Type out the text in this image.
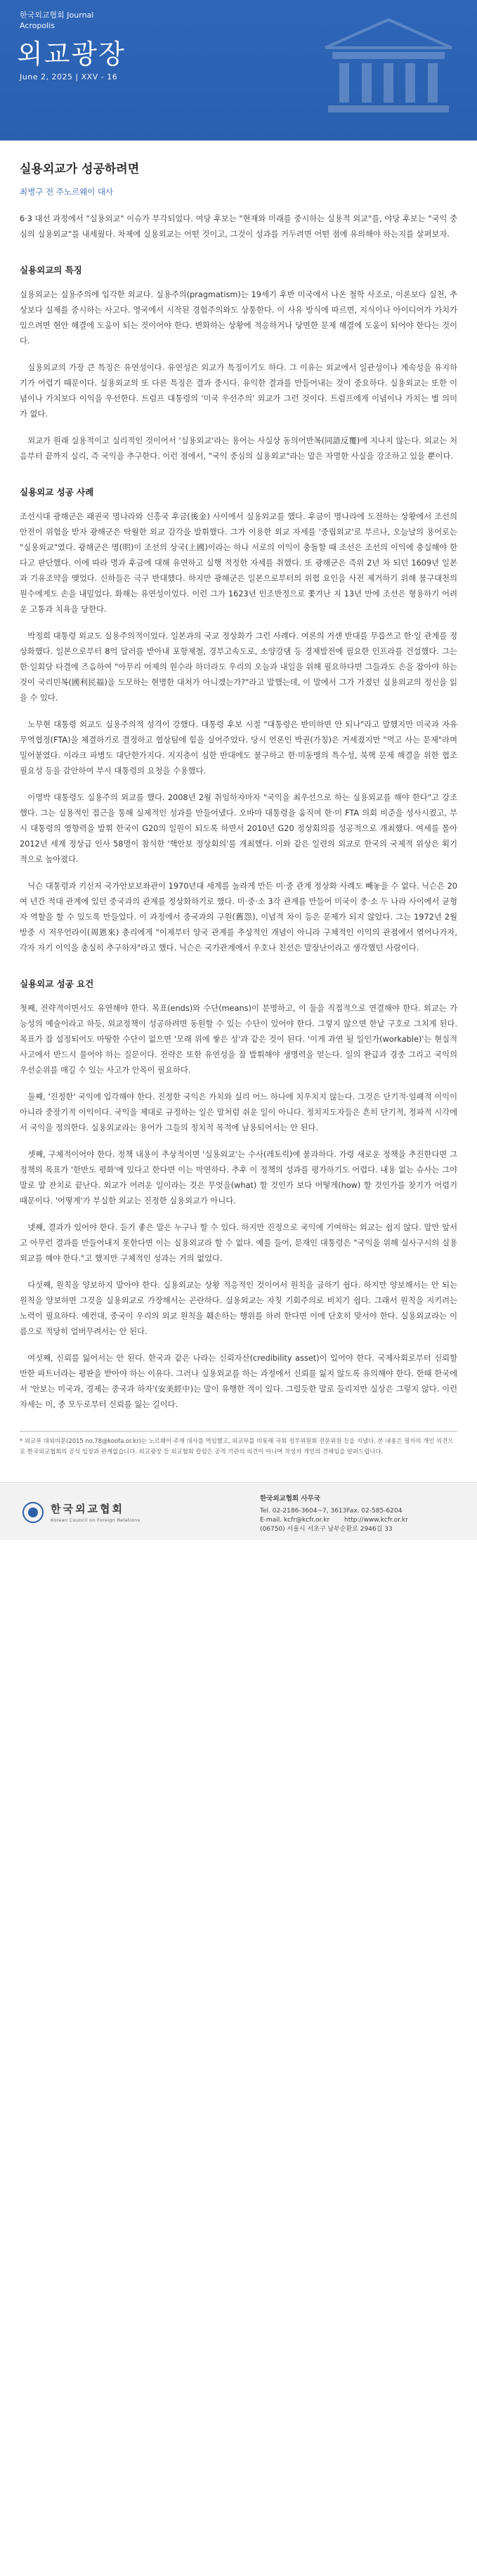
한국외교협회 Journal
Acropolis
외교광장
June 2, 2025 | XXV - 16
실용외교가 성공하려면
최병구 전 주노르웨이 대사

6·3 대선 과정에서 "실용외교" 이슈가 부각되었다. 여당 후보는 "현재와 미래를 중시하는 실용적 외교"를, 야당 후보는 "국익 중심의 실용외교"를 내세웠다. 차제에 실용외교는 어떤 것이고, 그것이 성과를 거두려면 어떤 점에 유의해야 하는지를 살펴보자.

실용외교의 특징

실용외교는 실용주의에 입각한 외교다. 실용주의(pragmatism)는 19세기 후반 미국에서 나온 철학 사조로, 이론보다 실천, 추상보다 실제를 중시하는 사고다. 영국에서 시작된 경험주의와도 상통한다. 이 사유 방식에 따르면, 지식이나 아이디어가 가치가 있으려면 현안 해결에 도움이 되는 것이어야 한다. 변화하는 상황에 적응하거나 당면한 문제 해결에 도움이 되어야 한다는 것이다.

실용외교의 가장 큰 특징은 유연성이다. 유연성은 외교가 특징이기도 하다. 그 이유는 외교에서 일관성이나 계속성을 유지하기가 어렵기 때문이다. 실용외교의 또 다른 특징은 결과 중시다. 유익한 결과를 만들어내는 것이 중요하다. 실용외교는 또한 이념이나 가치보다 이익을 우선한다. 트럼프 대통령의 '미국 우선주의' 외교가 그런 것이다. 트럼프에게 이념이나 가치는 별 의미가 없다.

외교가 원래 실용적이고 실리적인 것이어서 '실용외교'라는 용어는 사실상 동의어반복(同語反覆)에 지나지 않는다. 외교는 처음부터 끝까지 실리, 즉 국익을 추구한다. 이런 점에서, "국익 중심의 실용외교"라는 말은 자명한 사실을 강조하고 있을 뿐이다.

실용외교 성공 사례

조선시대 광해군은 패권국 명나라와 신흥국 후금(後金) 사이에서 실용외교를 했다. 후금이 명나라에 도전하는 상황에서 조선의 안전이 위험을 받자 광해군은 탁월한 외교 감각을 발휘했다. 그가 이용한 외교 자세를 '중립외교'로 부르나, 오늘날의 용어로는 "실용외교"였다. 광해군은 명(明)이 조선의 상국(上國)이라는 하나 서로의 이익이 충돌할 때 조선은 조선의 이익에 충실해야 한다고 판단했다. 이에 따라 명과 후금에 대해 유연하고 실행 적정한 자세를 취했다. 또 광해군은 즉위 2년 차 되던 1609년 일본과 기유조약을 맺었다. 신하들은 극구 반대했다. 하지만 광해군은 일본으로부터의 위협 요인을 사전 제거하기 위해 불구대천의 원수에게도 손을 내밀었다. 화해는 유연성이었다. 이런 그가 1623년 인조반정으로 쫓겨난 지 13년 만에 조선은 형용하기 어려운 고통과 치욕을 당한다.

박정희 대통령 외교도 실용주의적이었다. 일본과의 국교 정상화가 그런 사례다. 여론의 거센 반대를 무릅쓰고 한·일 관계를 정상화했다. 일본으로부터 8억 달러를 받아내 포항제철, 경부고속도로, 소양강댐 등 경제발전에 필요한 인프라를 건설했다. 그는 한·일회담 타결에 즈음하여 "아무리 어제의 원수라 하더라도 우리의 오늘과 내일을 위해 필요하다면 그들과도 손을 잡아야 하는 것이 국리민복(國利民福)을 도모하는 현명한 대처가 아니겠는가?"라고 말했는데, 이 말에서 그가 가졌던 실용외교의 정신을 읽을 수 있다.

노무현 대통령 외교도 실용주의적 성격이 강했다. 대통령 후보 시절 "대통령은 반미하면 안 되나"라고 말했지만 미국과 자유무역협정(FTA)을 체결하기로 결정하고 협상팀에 힘을 실어주었다. 당시 언론인 박권(가칭)은 거세졌지만 "먹고 사는 문제"라며 밀어붙였다. 이라크 파병도 대단한가지다. 지지층이 심한 반대에도 불구하고 한·미동맹의 특수성, 북핵 문제 해결을 위한 협조 필요성 등을 감안하여 부시 대통령의 요청을 수용했다.

이명박 대통령도 실용주의 외교를 했다. 2008년 2월 취임하자마자 "국익을 최우선으로 하는 실용외교를 해야 한다"고 강조했다. 그는 실용적인 접근을 통해 실제적인 성과를 만들어냈다. 오바마 대통령을 움직여 한·미 FTA 의회 비준을 성사시켰고, 부시 대통령의 영향력을 발휘 한국이 G20의 일원이 되도록 하면서 2010년 G20 정상회의를 성공적으로 개최했다. 여세를 몰아 2012년 세계 정상급 인사 58명이 참석한 '핵안보 정상회의'를 개최했다. 이와 같은 일련의 외교로 한국의 국제적 위상은 획기적으로 높아졌다.

닉슨 대통령과 키신저 국가안보보좌관이 1970년대 세계를 놀라게 만든 미·중 관계 정상화 사례도 빼놓을 수 없다. 닉슨은 20여 년간 적대 관계에 있던 중국과의 관계를 정상화하기로 했다. 미·중·소 3각 관계를 만들어 미국이 중·소 두 나라 사이에서 균형자 역할을 할 수 있도록 만들었다. 이 과정에서 중국과의 구원(舊怨), 이념적 차이 등은 문제가 되지 않았다. 그는 1972년 2월 방중 시 저우언라이(周恩來) 총리에게 "이제부터 양국 관계를 추상적인 개념이 아니라 구체적인 이익의 관점에서 엮어나가자, 각자 자기 이익을 충실히 추구하자"라고 했다. 닉슨은 국가관계에서 우호나 친선은 말장난이라고 생각했던 사람이다.

실용외교 성공 요건

첫째, 전략적이면서도 유연해야 한다. 목표(ends)와 수단(means)이 분명하고, 이 둘을 직접적으로 연결해야 한다. 외교는 가능성의 예술이라고 하듯, 외교정책이 성공하려면 동원할 수 있는 수단이 있어야 한다. 그렇지 않으면 한낱 구호로 그치게 된다. 목표가 잘 설정되어도 마땅한 수단이 없으면 '모래 위에 쌓은 성'과 같은 것이 된다. '이게 과연 될 일인가(workable)'는 현실적 사고에서 반드시 물어야 하는 질문이다. 전략은 또한 유연성을 잘 발휘해야 생명력을 얻는다. 일의 완급과 경중 그리고 국익의 우선순위를 매길 수 있는 사고가 안목이 필요하다.

둘째, '진정한' 국익에 입각해야 한다. 진정한 국익은 가치와 실리 어느 하나에 치우치지 않는다. 그것은 단기적·임페적 이익이 아니라 중장기적 이익이다. 국익을 제대로 규정하는 일은 말처럼 쉬운 일이 아니다. 정치지도자들은 흔히 단기적, 정파적 시각에서 국익을 정의한다. 실용외교라는 용어가 그들의 정치적 목적에 남용되어서는 안 된다.

셋째, 구체적이어야 한다. 정책 내용이 추상적이면 '실용외교'는 수사(레토릭)에 불과하다. 가령 새로운 정책을 추진한다면 그 정책의 목표가 '한반도 평화'에 있다고 한다면 이는 막연하다. 추후 이 정책의 성과를 평가하기도 어렵다. 내용 없는 슈사는 그야말로 말 잔치로 끝난다. 외교가 어려운 일이라는 것은 무엇을(what) 할 것인가 보다 어떻게(how) 할 것인가를 찾기가 어렵기 때문이다. '어떻게'가 부실한 외교는 진정한 실용외교가 아니다.

넷째, 결과가 있어야 한다. 듣기 좋은 말은 누구나 할 수 있다. 하지만 진정으로 국익에 기여하는 외교는 쉽지 않다. 말만 앞서고 아무런 결과를 만들어내지 못한다면 이는 실용외교라 할 수 없다. 예를 들어, 문재인 대통령은 "국익을 위해 실사구시의 실용외교를 해야 한다."고 했지만 구체적인 성과는 거의 없었다.

다섯째, 원칙을 양보하지 말아야 한다. 실용외교는 상황 적응적인 것이어서 원칙을 금하기 쉽다. 하지만 양보해서는 안 되는 원칙을 양보하면 그것을 실용외교로 가장해서는 곤란하다. 실용외교는 자칫 기회주의로 비치기 쉽다. 그래서 원칙을 지키려는 노력이 필요하다. 예컨대, 중국이 우리의 외교 원칙을 훼손하는 행위를 하려 한다면 이에 단호히 맞서야 한다. 실용외교라는 이름으로 적당히 얼버무려서는 안 된다.

여섯째, 신뢰를 잃어서는 안 된다. 한국과 같은 나라는 신뢰자산(credibility asset)이 있어야 한다. 국제사회로부터 신뢰할 만한 파트너라는 평판을 받아야 하는 이유다. 그러나 실용외교를 하는 과정에서 신뢰를 잃지 않도록 유의해야 한다. 한때 한국에서 '안보는 미국과, 경제는 중국과 하자'(安美經中)는 말이 유행한 적이 있다. 그럴듯한 말로 들리지만 실상은 그렇지 않다. 이런 자세는 미, 중 모두로부터 신뢰를 잃는 길이다.

* 외교부 대외비문(2015 no.78@koofa.or.kr)는 노르웨이 주재 대사를 역임했고, 외교부를 비롯해 국회 정무위원회 전문위원 등을 지냈다. 본 내용은 필자의 개인 의견으로 한국외교협회의 공식 입장과 관계없습니다. 외교광장 등 외교협회 칼럼은 공적 기관의 의견이 아니며 작성자 개인의 견해임을 알려드립니다.

한국외교협회
Korean Council on Foreign Relations
한국외교협회 사무국
Tel. 02-2186-3604~7, 3613Fax. 02-585-6204
E-mail. kcfr@kcfr.or.kr http://www.kcfr.or.kr
(06750) 서울시 서초구 남부순환로 2946길 33
